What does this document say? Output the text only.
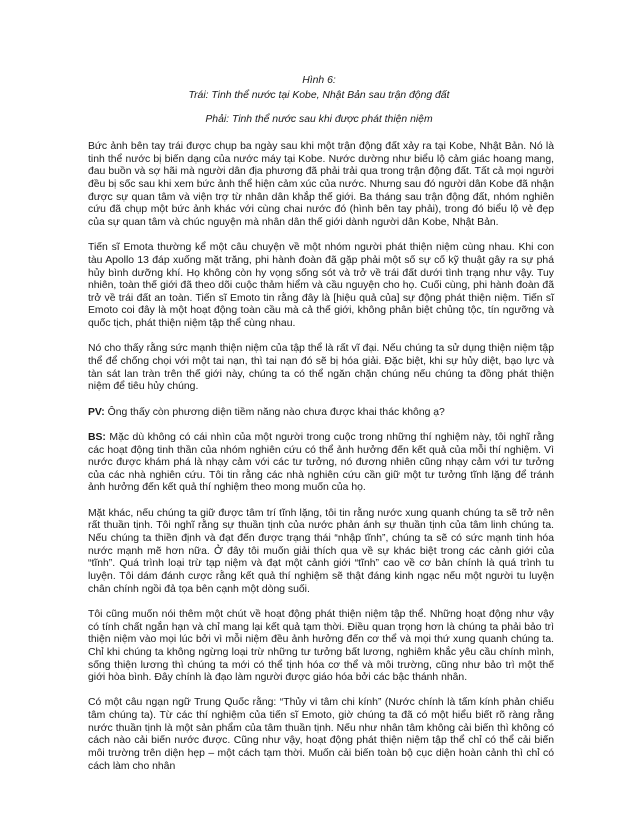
Hình 6:
Trái: Tinh thể nước tại Kobe, Nhật Bản sau trận động đất
Phải: Tinh thể nước sau khi được phát thiện niệm

Bức ảnh bên tay trái được chụp ba ngày sau khi một trận động đất xảy ra tại Kobe, Nhật Bản. Nó là tinh thể nước bị biến dạng của nước máy tại Kobe. Nước dường như biểu lộ cảm giác hoang mang, đau buồn và sợ hãi mà người dân địa phương đã phải trải qua trong trận động đất. Tất cả mọi người đều bị sốc sau khi xem bức ảnh thể hiện cảm xúc của nước. Nhưng sau đó người dân Kobe đã nhận được sự quan tâm và viện trợ từ nhân dân khắp thế giới. Ba tháng sau trận động đất, nhóm nghiên cứu đã chụp một bức ảnh khác với cùng chai nước đó (hình bên tay phải), trong đó biểu lộ vẻ đẹp của sự quan tâm và chúc nguyện mà nhân dân thế giới dành người dân Kobe, Nhật Bản.

Tiến sĩ Emota thường kể một câu chuyện về một nhóm người phát thiện niệm cùng nhau. Khi con tàu Apollo 13 đáp xuống mặt trăng, phi hành đoàn đã gặp phải một số sự cố kỹ thuật gây ra sự phá hủy bình dưỡng khí. Họ không còn hy vọng sống sót và trở về trái đất dưới tình trạng như vậy. Tuy nhiên, toàn thế giới đã theo dõi cuộc thảm hiểm và cầu nguyện cho họ. Cuối cùng, phi hành đoàn đã trở về trái đất an toàn. Tiến sĩ Emoto tin rằng đây là [hiệu quả của] sự động phát thiện niệm. Tiến sĩ Emoto coi đây là một hoạt động toàn cầu mà cả thế giới, không phân biệt chủng tộc, tín ngưỡng và quốc tịch, phát thiện niệm tập thể cùng nhau.

Nó cho thấy rằng sức mạnh thiện niệm của tập thể là rất vĩ đại. Nếu chúng ta sử dụng thiện niệm tập thể để chống chọi với một tai nạn, thì tai nạn đó sẽ bị hóa giải. Đặc biệt, khi sự hủy diệt, bạo lực và tàn sát lan tràn trên thế giới này, chúng ta có thể ngăn chặn chúng nếu chúng ta đồng phát thiện niệm để tiêu hủy chúng.

PV: Ông thấy còn phương diện tiềm năng nào chưa được khai thác không ạ?

BS: Mặc dù không có cái nhìn của một người trong cuộc trong những thí nghiệm này, tôi nghĩ rằng các hoạt động tinh thần của nhóm nghiên cứu có thể ảnh hưởng đến kết quả của mỗi thí nghiệm. Vì nước được khám phá là nhạy cảm với các tư tưởng, nó đương nhiên cũng nhạy cảm với tư tưởng của các nhà nghiên cứu. Tôi tin rằng các nhà nghiên cứu cần giữ một tư tưởng tĩnh lặng để tránh ảnh hưởng đến kết quả thí nghiệm theo mong muốn của họ.

Mặt khác, nếu chúng ta giữ được tâm trí tĩnh lặng, tôi tin rằng nước xung quanh chúng ta sẽ trở nên rất thuần tịnh. Tôi nghĩ rằng sự thuần tịnh của nước phản ánh sự thuần tịnh của tâm linh chúng ta. Nếu chúng ta thiền định và đạt đến được trạng thái “nhập tĩnh”, chúng ta sẽ có sức mạnh tinh hóa nước mạnh mẽ hơn nữa. Ở đây tôi muốn giải thích qua về sự khác biệt trong các cảnh giới của “tĩnh”. Quá trình loại trừ tạp niệm và đạt một cảnh giới “tĩnh” cao về cơ bản chính là quá trình tu luyện. Tôi dám đánh cược rằng kết quả thí nghiệm sẽ thật đáng kinh ngạc nếu một người tu luyện chân chính ngồi đả tọa bên cạnh một dòng suối.

Tôi cũng muốn nói thêm một chút về hoạt động phát thiện niệm tập thể. Những hoạt động như vậy có tính chất ngắn hạn và chỉ mang lại kết quả tạm thời. Điều quan trọng hơn là chúng ta phải bảo trì thiện niệm vào mọi lúc bởi vì mỗi niệm đều ảnh hưởng đến cơ thể và mọi thứ xung quanh chúng ta. Chỉ khi chúng ta không ngừng loại trừ những tư tưởng bất lương, nghiêm khắc yêu cầu chính mình, sống thiện lương thì chúng ta mới có thể tịnh hóa cơ thể và môi trường, cũng như bảo trì một thế giới hòa bình. Đây chính là đạo làm người được giáo hóa bởi các bậc thánh nhân.

Có một câu ngạn ngữ Trung Quốc rằng: “Thủy vi tâm chi kính” (Nước chính là tấm kính phản chiếu tâm chúng ta). Từ các thí nghiệm của tiến sĩ Emoto, giờ chúng ta đã có một hiểu biết rõ ràng rằng nước thuần tịnh là một sản phẩm của tâm thuần tịnh. Nếu như nhân tâm không cải biến thì không có cách nào cải biến nước được. Cũng như vậy, hoạt động phát thiện niệm tập thể chỉ có thể cải biến môi trường trên diện hẹp – một cách tạm thời. Muốn cải biến toàn bộ cục diện hoàn cảnh thì chỉ có cách làm cho nhân
